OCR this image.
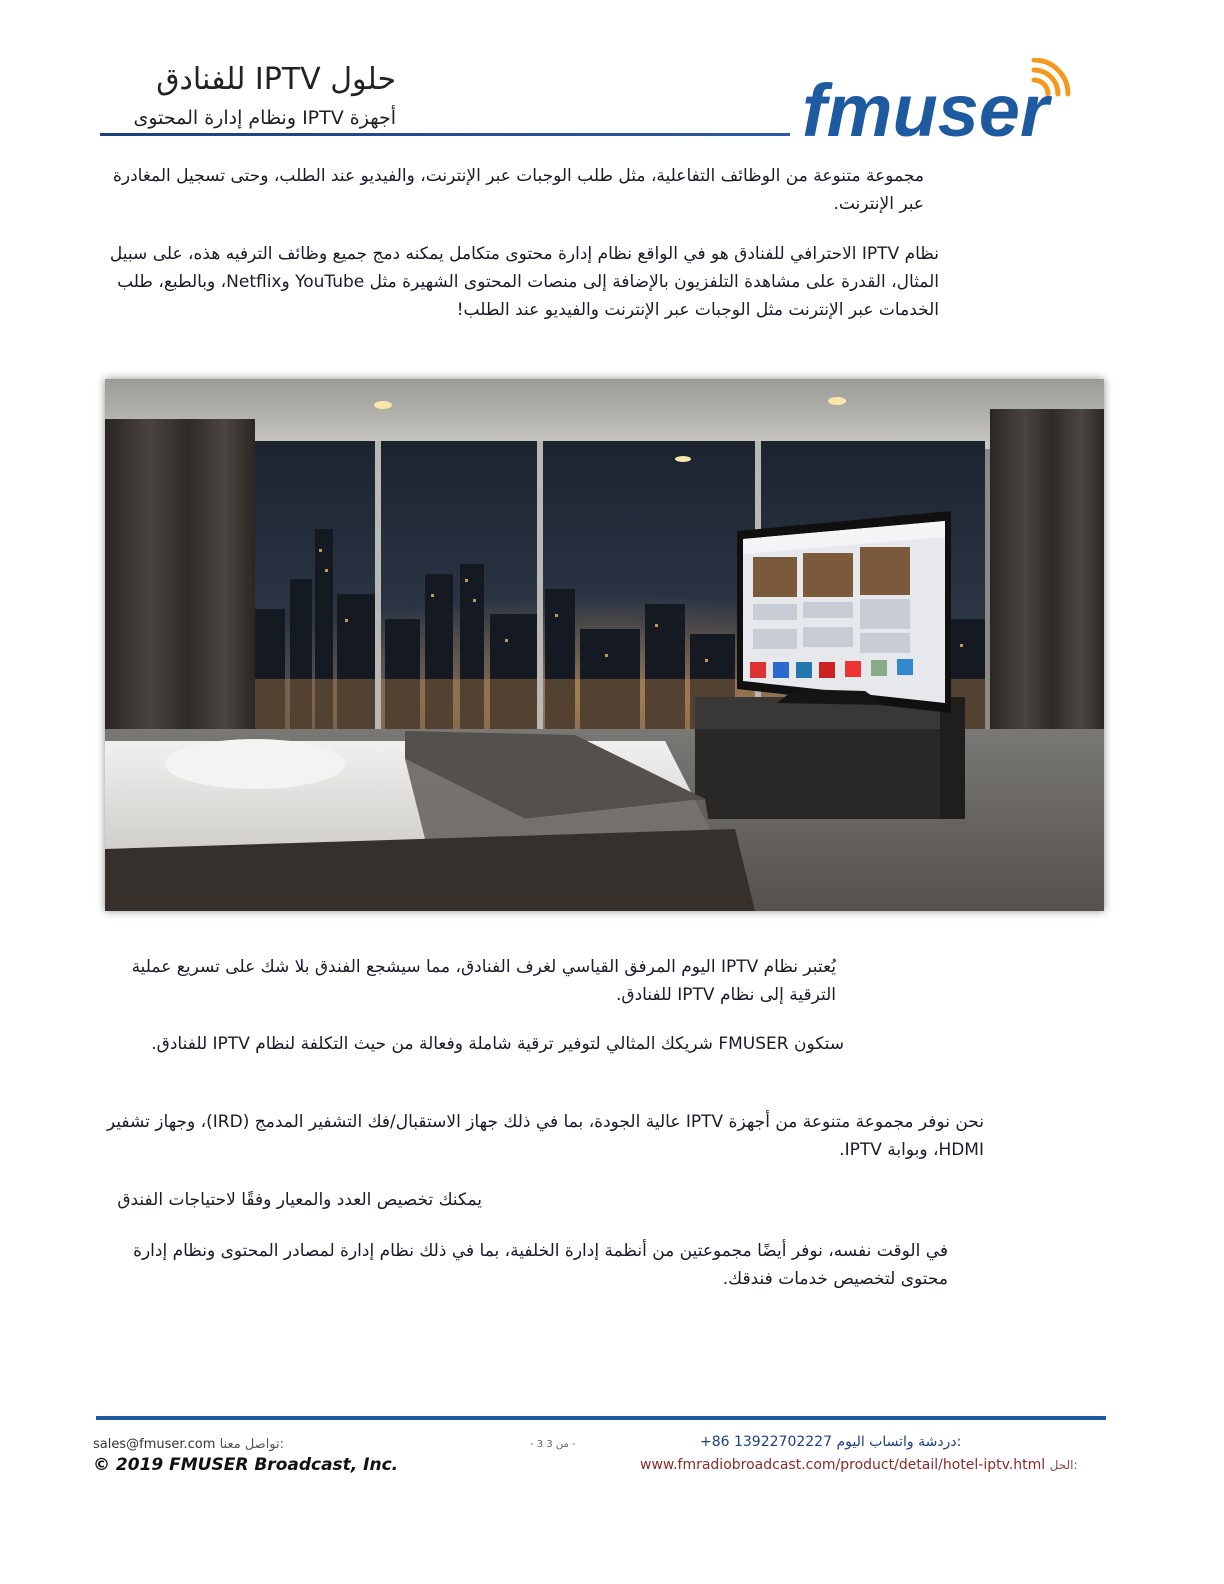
حلول IPTV للفنادق
أجهزة IPTV ونظام إدارة المحتوى	fmuser
مجموعة متنوعة من الوظائف التفاعلية، مثل طلب الوجبات عبر الإنترنت، والفيديو عند الطلب، وحتى تسجيل المغادرة عبر الإنترنت.
نظام IPTV الاحترافي للفنادق هو في الواقع نظام إدارة محتوى متكامل يمكنه دمج جميع وظائف الترفيه هذه، على سبيل المثال، القدرة على مشاهدة التلفزيون بالإضافة إلى منصات المحتوى الشهيرة مثل YouTube وNetflix، وبالطبع، طلب الخدمات عبر الإنترنت مثل الوجبات عبر الإنترنت والفيديو عند الطلب!
يُعتبر نظام IPTV اليوم المرفق القياسي لغرف الفنادق، مما سيشجع الفندق بلا شك على تسريع عملية الترقية إلى نظام IPTV للفنادق.
ستكون FMUSER شريكك المثالي لتوفير ترقية شاملة وفعالة من حيث التكلفة لنظام IPTV للفنادق.
نحن نوفر مجموعة متنوعة من أجهزة IPTV عالية الجودة، بما في ذلك جهاز الاستقبال/فك التشفير المدمج (IRD)، وجهاز تشفير HDMI، وبوابة IPTV.
يمكنك تخصيص العدد والمعيار وفقًا لاحتياجات الفندق
في الوقت نفسه، نوفر أيضًا مجموعتين من أنظمة إدارة الخلفية، بما في ذلك نظام إدارة لمصادر المحتوى ونظام إدارة محتوى لتخصيص خدمات فندقك.
sales@fmuser.com تواصل معنا:	- 3 من 3 -	+86 13922702227 دردشة واتساب اليوم:
© 2019 FMUSER Broadcast, Inc.	www.fmradiobroadcast.com/product/detail/hotel-iptv.html الحل:
